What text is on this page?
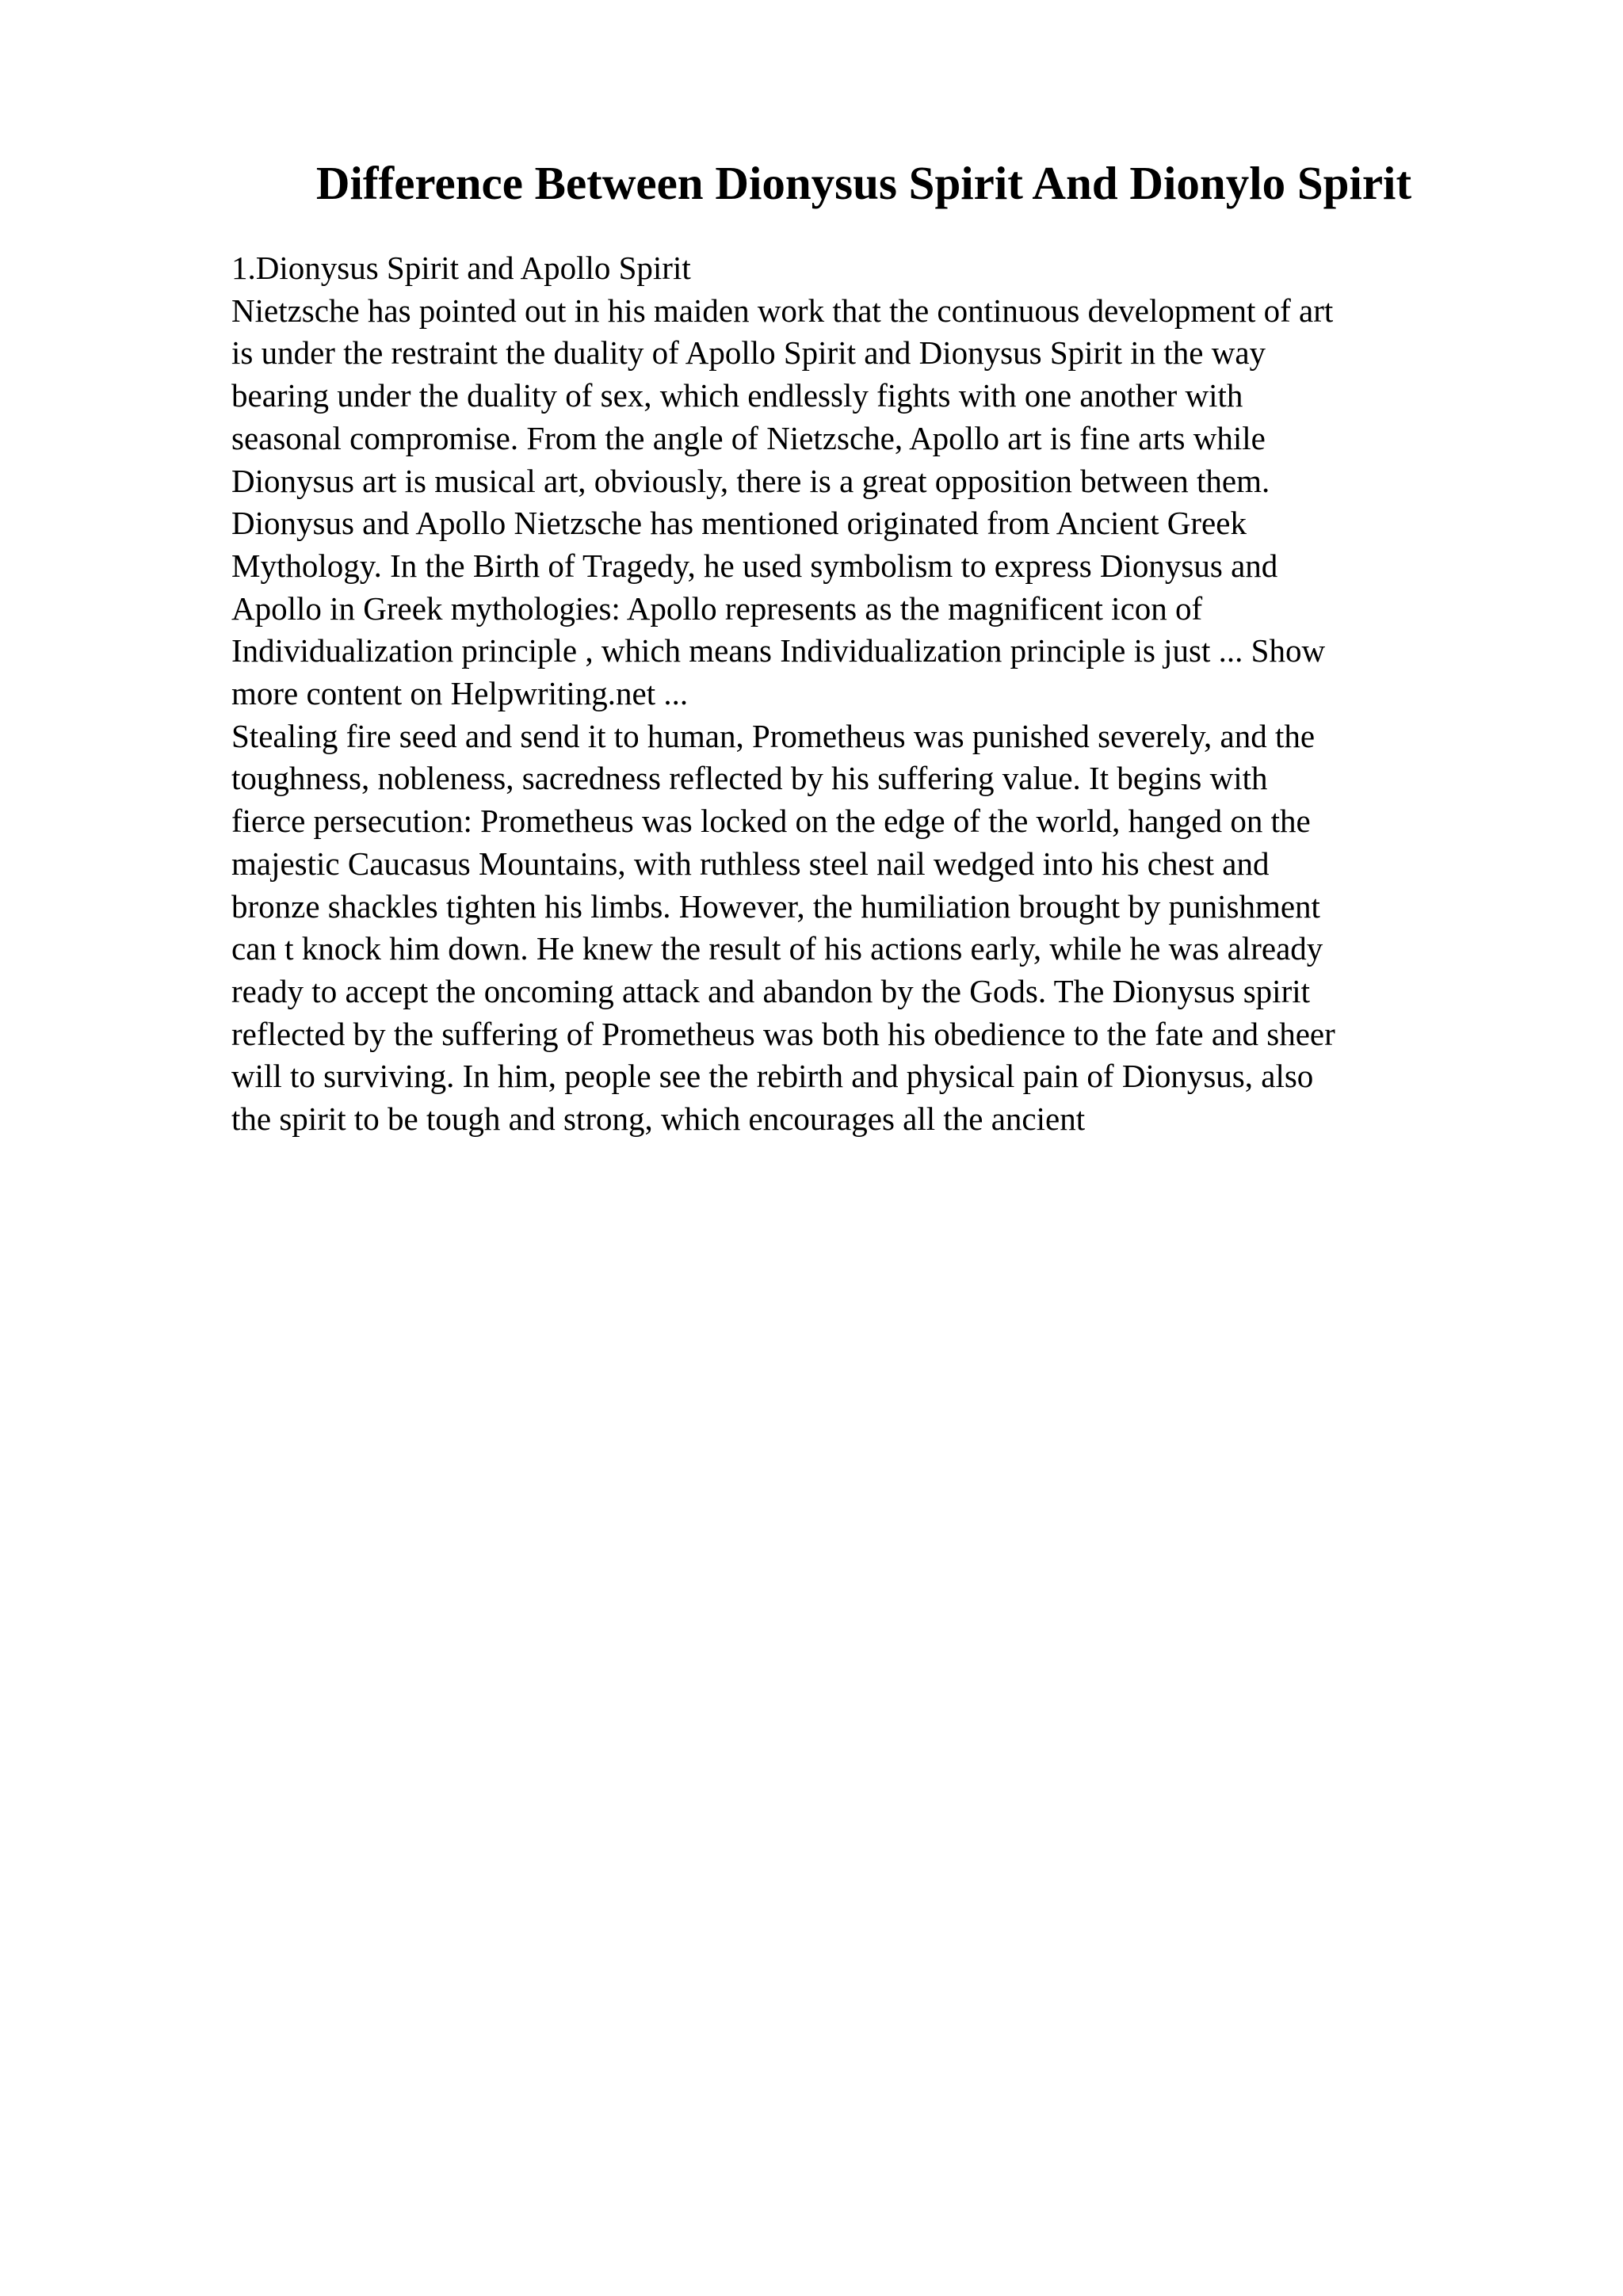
Difference Between Dionysus Spirit And Dionylo Spirit
1.Dionysus Spirit and Apollo Spirit
Nietzsche has pointed out in his maiden work that the continuous development of art
is under the restraint the duality of Apollo Spirit and Dionysus Spirit in the way
bearing under the duality of sex, which endlessly fights with one another with
seasonal compromise. From the angle of Nietzsche, Apollo art is fine arts while
Dionysus art is musical art, obviously, there is a great opposition between them.
Dionysus and Apollo Nietzsche has mentioned originated from Ancient Greek
Mythology. In the Birth of Tragedy, he used symbolism to express Dionysus and
Apollo in Greek mythologies: Apollo represents as the magnificent icon of
Individualization principle , which means Individualization principle is just ... Show
more content on Helpwriting.net ...
Stealing fire seed and send it to human, Prometheus was punished severely, and the
toughness, nobleness, sacredness reflected by his suffering value. It begins with
fierce persecution: Prometheus was locked on the edge of the world, hanged on the
majestic Caucasus Mountains, with ruthless steel nail wedged into his chest and
bronze shackles tighten his limbs. However, the humiliation brought by punishment
can t knock him down. He knew the result of his actions early, while he was already
ready to accept the oncoming attack and abandon by the Gods. The Dionysus spirit
reflected by the suffering of Prometheus was both his obedience to the fate and sheer
will to surviving. In him, people see the rebirth and physical pain of Dionysus, also
the spirit to be tough and strong, which encourages all the ancient
